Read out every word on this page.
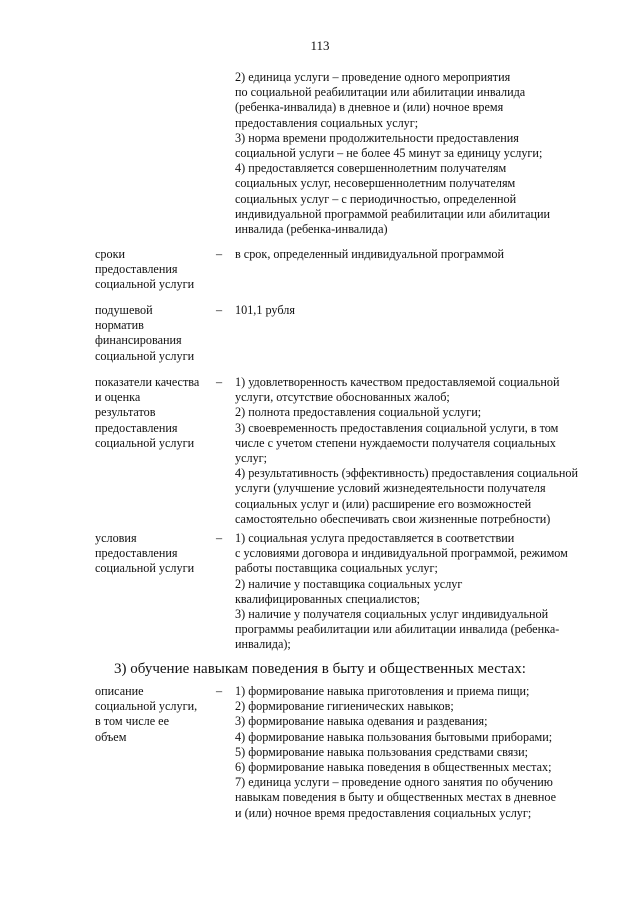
113
2) единица услуги – проведение одного мероприятия
по социальной реабилитации или абилитации инвалида
(ребенка-инвалида) в дневное и (или) ночное время
предоставления социальных услуг;
3) норма времени продолжительности предоставления
социальной услуги – не более 45 минут за единицу услуги;
4) предоставляется совершеннолетним получателям
социальных услуг, несовершеннолетним получателям
социальных услуг – с периодичностью, определенной
индивидуальной программой реабилитации или абилитации
инвалида (ребенка-инвалида)
сроки
предоставления
социальной услуги
– в срок, определенный индивидуальной программой
подушевой
норматив
финансирования
социальной услуги
– 101,1 рубля
показатели качества
и оценка
результатов
предоставления
социальной услуги
– 1) удовлетворенность качеством предоставляемой социальной
услуги, отсутствие обоснованных жалоб;
2) полнота предоставления социальной услуги;
3) своевременность предоставления социальной услуги, в том
числе с учетом степени нуждаемости получателя социальных
услуг;
4) результативность (эффективность) предоставления социальной
услуги (улучшение условий жизнедеятельности получателя
социальных услуг и (или) расширение его возможностей
самостоятельно обеспечивать свои жизненные потребности)
условия
предоставления
социальной услуги
– 1) социальная услуга предоставляется в соответствии
с условиями договора и индивидуальной программой, режимом
работы поставщика социальных услуг;
2) наличие у поставщика социальных услуг
квалифицированных специалистов;
3) наличие у получателя социальных услуг индивидуальной
программы реабилитации или абилитации инвалида (ребенка-
инвалида);
3) обучение навыкам поведения в быту и общественных местах:
описание
социальной услуги,
в том числе ее
объем
– 1) формирование навыка приготовления и приема пищи;
2) формирование гигиенических навыков;
3) формирование навыка одевания и раздевания;
4) формирование навыка пользования бытовыми приборами;
5) формирование навыка пользования средствами связи;
6) формирование навыка поведения в общественных местах;
7) единица услуги – проведение одного занятия по обучению
навыкам поведения в быту и общественных местах в дневное
и (или) ночное время предоставления социальных услуг;
